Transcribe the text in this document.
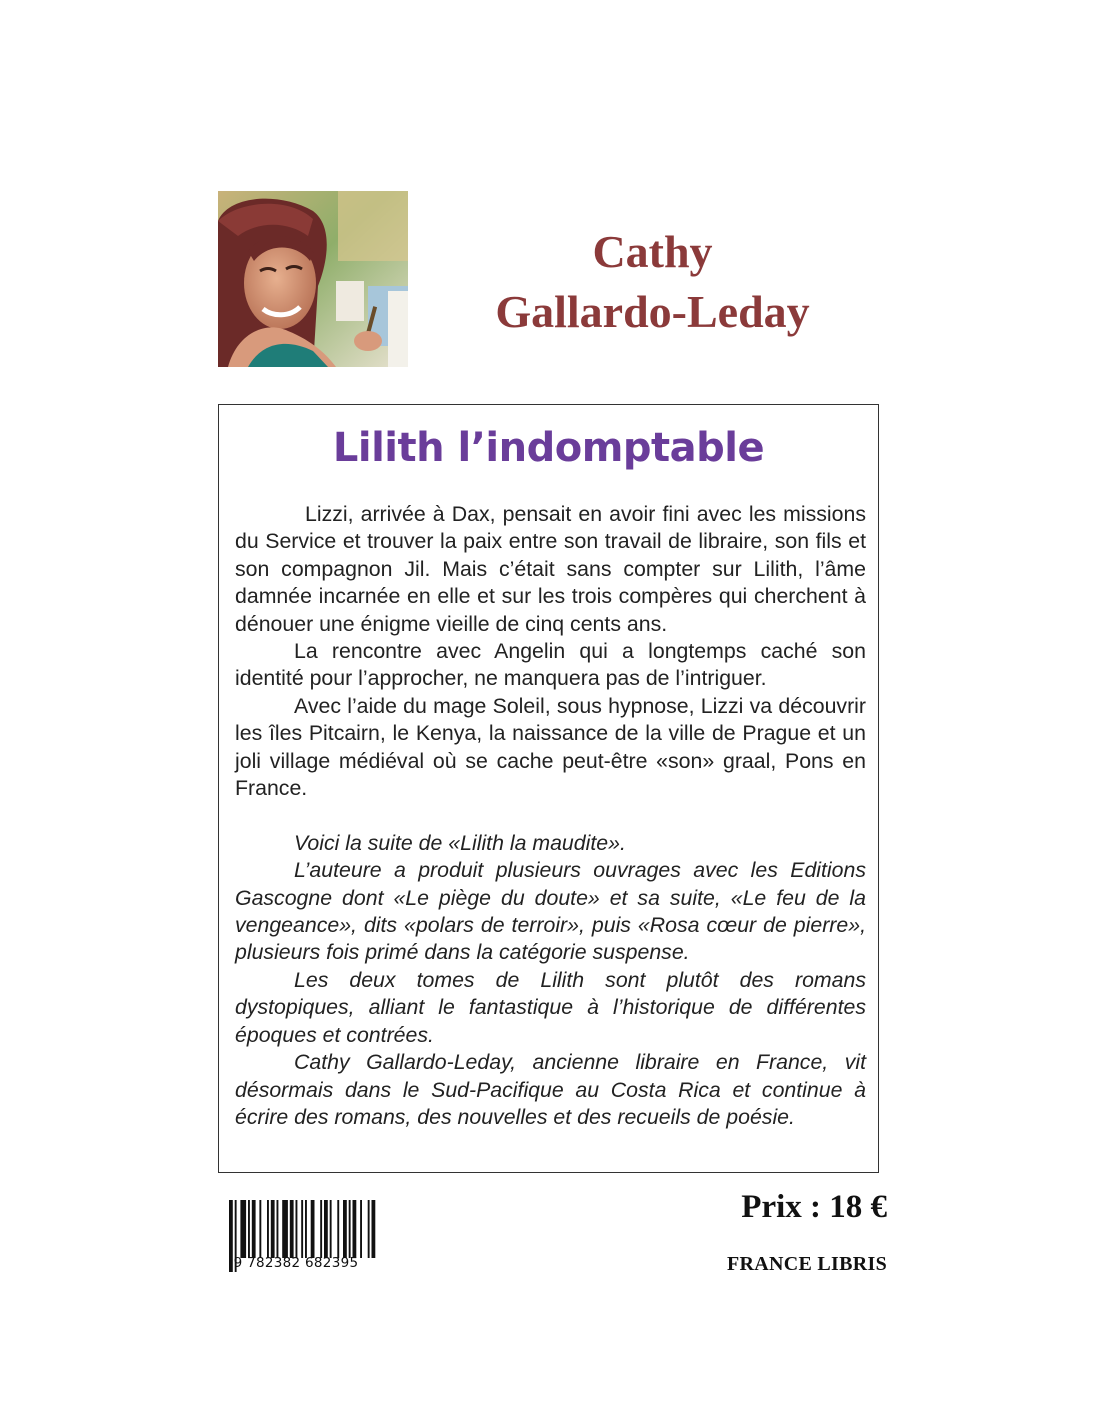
Cathy
Gallardo-Leday
Lilith l’indomptable

Lizzi, arrivée à Dax, pensait en avoir fini avec les missions du Service et trouver la paix entre son travail de libraire, son fils et son compagnon Jil. Mais c’était sans compter sur Lilith, l’âme damnée incarnée en elle et sur les trois compères qui cherchent à dénouer une énigme vieille de cinq cents ans.

La rencontre avec Angelin qui a longtemps caché son identité pour l’approcher, ne manquera pas de l’intriguer.

Avec l’aide du mage Soleil, sous hypnose, Lizzi va découvrir les îles Pitcairn, le Kenya, la naissance de la ville de Prague et un joli village médiéval où se cache peut-être «son» graal, Pons en France.

Voici la suite de «Lilith la maudite».

L’auteure a produit plusieurs ouvrages avec les Editions Gascogne dont «Le piège du doute» et sa suite, «Le feu de la vengeance», dits «polars de terroir», puis «Rosa cœur de pierre», plusieurs fois primé dans la catégorie suspense.

Les deux tomes de Lilith sont plutôt des romans dystopiques, alliant le fantastique à l’historique de différentes époques et contrées.

Cathy Gallardo-Leday, ancienne libraire en France, vit désormais dans le Sud-Pacifique au Costa Rica et continue à écrire des romans, des nouvelles et des recueils de poésie.

9 782382 682395
Prix : 18 €
FRANCE LIBRIS
